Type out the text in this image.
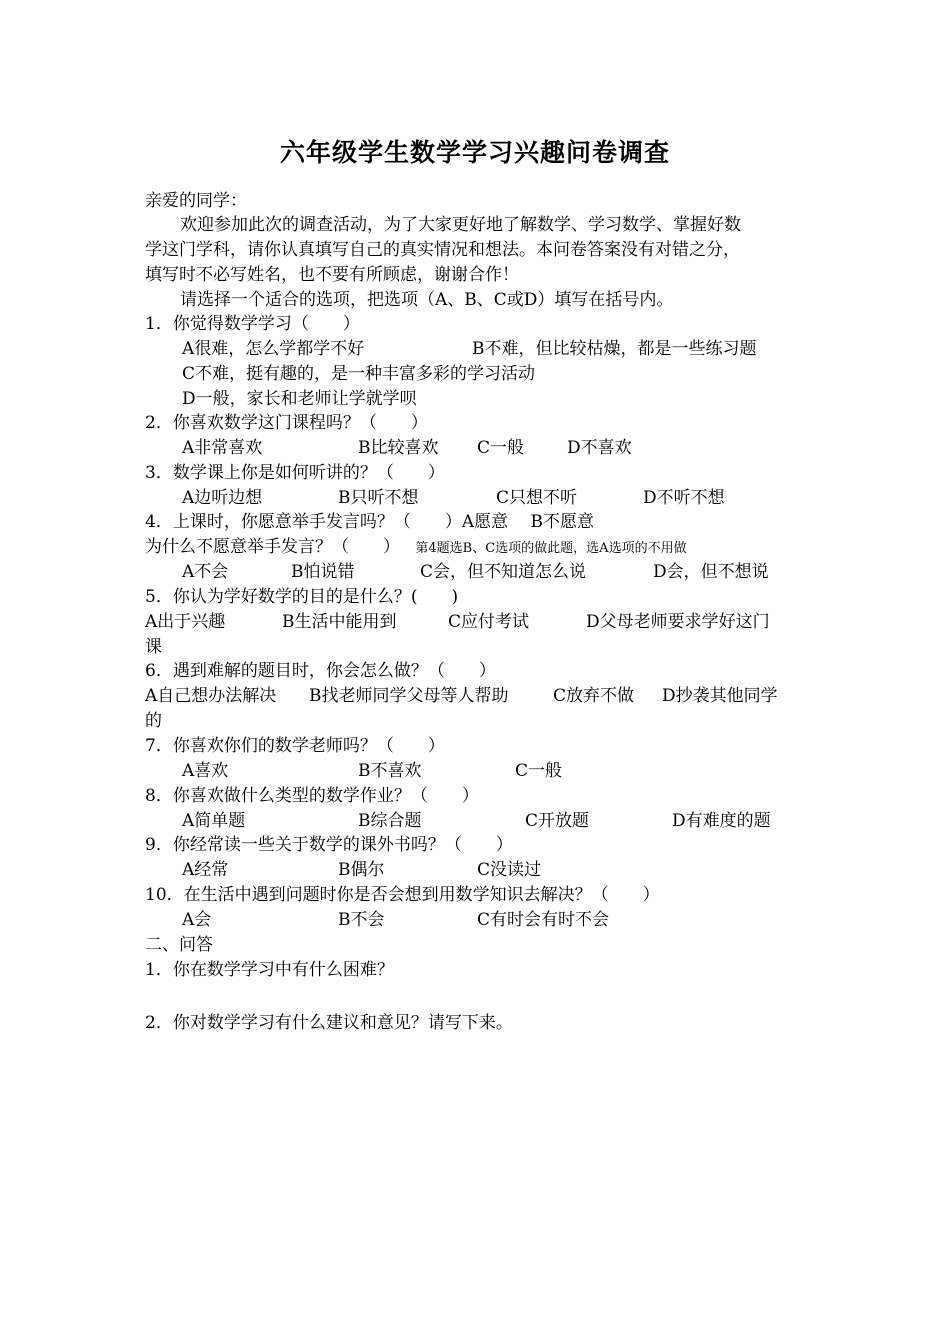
六年级学生数学学习兴趣问卷调查
亲爱的同学：
欢迎参加此次的调查活动，为了大家更好地了解数学、学习数学、掌握好数
学这门学科，请你认真填写自己的真实情况和想法。本问卷答案没有对错之分，
填写时不必写姓名，也不要有所顾虑，谢谢合作！
请选择一个适合的选项，把选项（A、B、C或D）填写在括号内。
1．你觉得数学学习（　　）
A很难，怎么学都学不好	B不难，但比较枯燥，都是一些练习题
C不难，挺有趣的，是一种丰富多彩的学习活动
D一般，家长和老师让学就学呗
2．你喜欢数学这门课程吗？（　　）
A非常喜欢	B比较喜欢 C一般	D不喜欢
3．数学课上你是如何听讲的？（　　）
A边听边想	B只听不想	C只想不听	D不听不想
4．上课时，你愿意举手发言吗？（　　）A愿意　 B不愿意
为什么不愿意举手发言？（　　） 第4题选B、C选项的做此题，选A选项的不用做
A不会	B怕说错	C会，但不知道怎么说	D会，但不想说
5．你认为学好数学的目的是什么？(　　)
A出于兴趣	B生活中能用到	C应付考试	D父母老师要求学好这门
课
6．遇到难解的题目时，你会怎么做？（　　）
A自己想办法解决 B找老师同学父母等人帮助	C放弃不做 D抄袭其他同学
的
7．你喜欢你们的数学老师吗？（　　）
A喜欢	B不喜欢	C一般
8．你喜欢做什么类型的数学作业？（　　）
A简单题	B综合题	C开放题	D有难度的题
9．你经常读一些关于数学的课外书吗？（　　）
A经常	B偶尔	C没读过
10．在生活中遇到问题时你是否会想到用数学知识去解决？（　　）
A会	B不会	C有时会有时不会
二、问答
1．你在数学学习中有什么困难？
2．你对数学学习有什么建议和意见？请写下来。
